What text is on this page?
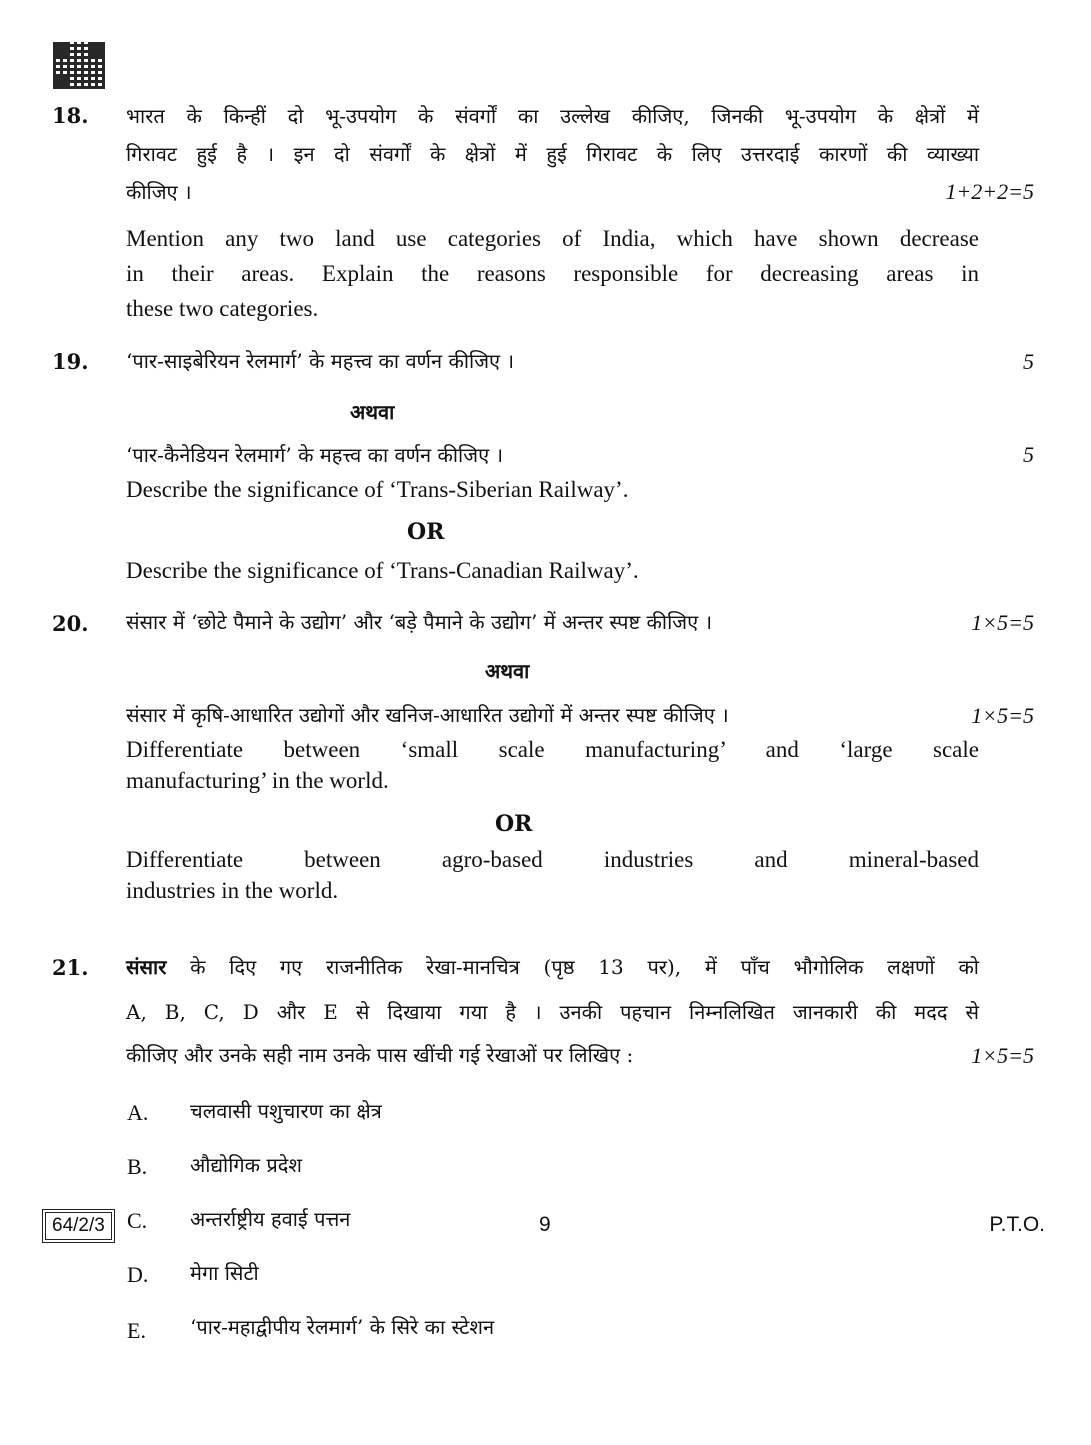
18. भारत के किन्हीं दो भू-उपयोग के संवर्गों का उल्लेख कीजिए, जिनकी भू-उपयोग के क्षेत्रों में

गिरावट हुई है । इन दो संवर्गों के क्षेत्रों में हुई गिरावट के लिए उत्तरदाई कारणों की व्याख्या

कीजिए ।	1+2+2=5

Mention any two land use categories of India, which have shown decrease

in their areas. Explain the reasons responsible for decreasing areas in

these two categories.

19. ‘पार-साइबेरियन रेलमार्ग’ के महत्त्व का वर्णन कीजिए ।	5
अथवा

‘पार-कैनेडियन रेलमार्ग’ के महत्त्व का वर्णन कीजिए ।	5

Describe the significance of ‘Trans-Siberian Railway’.

OR

Describe the significance of ‘Trans-Canadian Railway’.

20. संसार में ‘छोटे पैमाने के उद्योग’ और ‘बड़े पैमाने के उद्योग’ में अन्तर स्पष्ट कीजिए ।	1×5=5
अथवा

संसार में कृषि-आधारित उद्योगों और खनिज-आधारित उद्योगों में अन्तर स्पष्ट कीजिए ।	1×5=5

Differentiate between ‘small scale manufacturing’ and ‘large scale

manufacturing’ in the world.

OR

Differentiate between agro-based industries and mineral-based

industries in the world.

21. संसार के दिए गए राजनीतिक रेखा-मानचित्र (पृष्ठ 13 पर), में पाँच भौगोलिक लक्षणों को

A, B, C, D और E से दिखाया गया है । उनकी पहचान निम्नलिखित जानकारी की मदद से

कीजिए और उनके सही नाम उनके पास खींची गई रेखाओं पर लिखिए :	1×5=5
A. चलवासी पशुचारण का क्षेत्र
B. औद्योगिक प्रदेश
C. अन्तर्राष्ट्रीय हवाई पत्तन
D. मेगा सिटी
E. ‘पार-महाद्वीपीय रेलमार्ग’ के सिरे का स्टेशन
64/2/3	9	P.T.O.
